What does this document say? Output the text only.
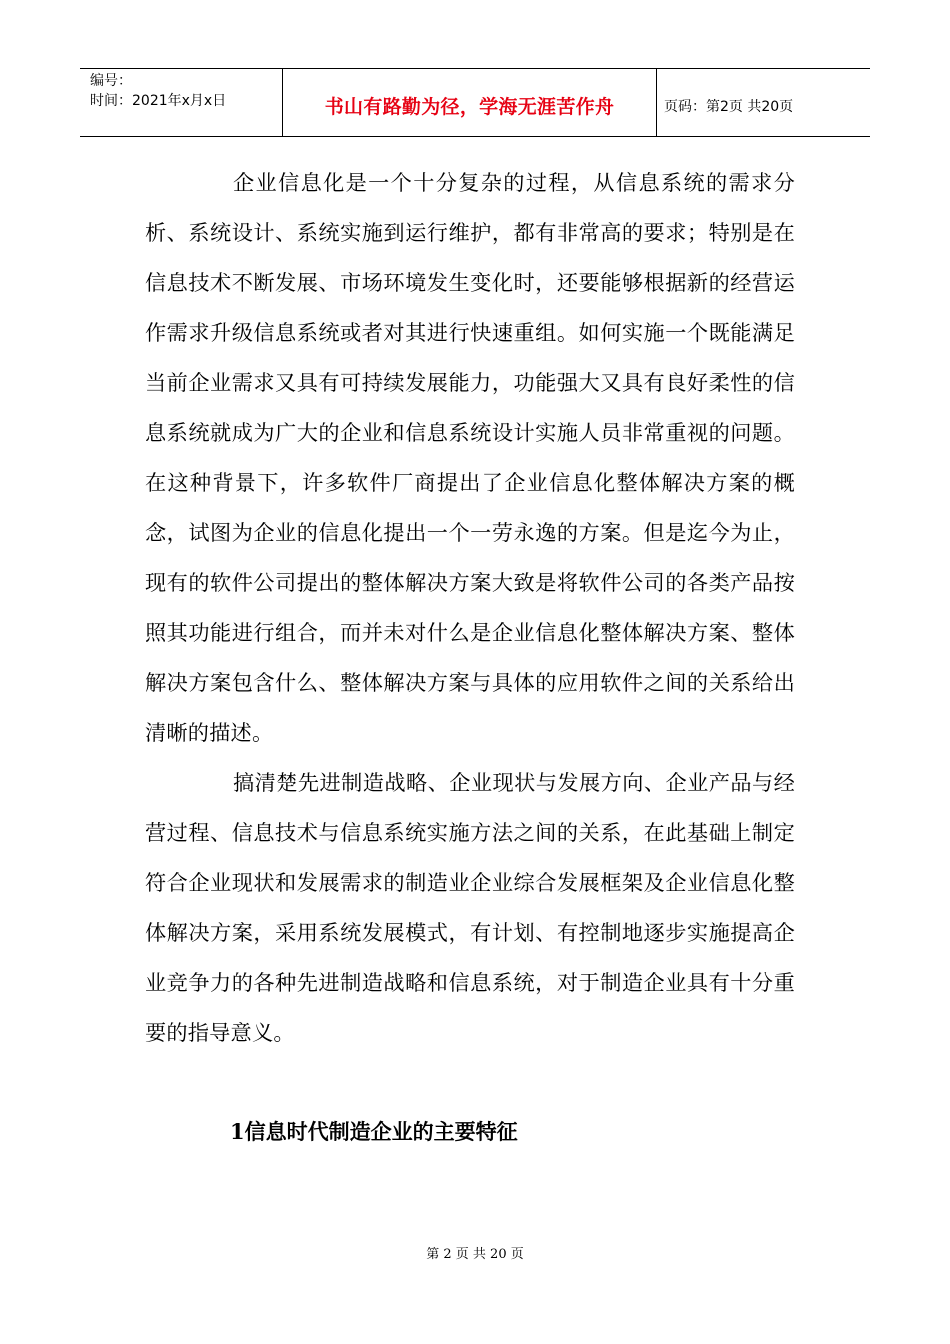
编号：
时间：2021年x月x日	书山有路勤为径，学海无涯苦作舟	页码：第2页 共20页

企业信息化是一个十分复杂的过程，从信息系统的需求分析、系统设计、系统实施到运行维护，都有非常高的要求；特别是在信息技术不断发展、市场环境发生变化时，还要能够根据新的经营运作需求升级信息系统或者对其进行快速重组。如何实施一个既能满足当前企业需求又具有可持续发展能力，功能强大又具有良好柔性的信息系统就成为广大的企业和信息系统设计实施人员非常重视的问题。在这种背景下，许多软件厂商提出了企业信息化整体解决方案的概念，试图为企业的信息化提出一个一劳永逸的方案。但是迄今为止，现有的软件公司提出的整体解决方案大致是将软件公司的各类产品按照其功能进行组合，而并未对什么是企业信息化整体解决方案、整体解决方案包含什么、整体解决方案与具体的应用软件之间的关系给出清晰的描述。

搞清楚先进制造战略、企业现状与发展方向、企业产品与经营过程、信息技术与信息系统实施方法之间的关系，在此基础上制定符合企业现状和发展需求的制造业企业综合发展框架及企业信息化整体解决方案，采用系统发展模式，有计划、有控制地逐步实施提高企业竞争力的各种先进制造战略和信息系统，对于制造企业具有十分重要的指导意义。

1信息时代制造企业的主要特征
第 2 页 共 20 页
